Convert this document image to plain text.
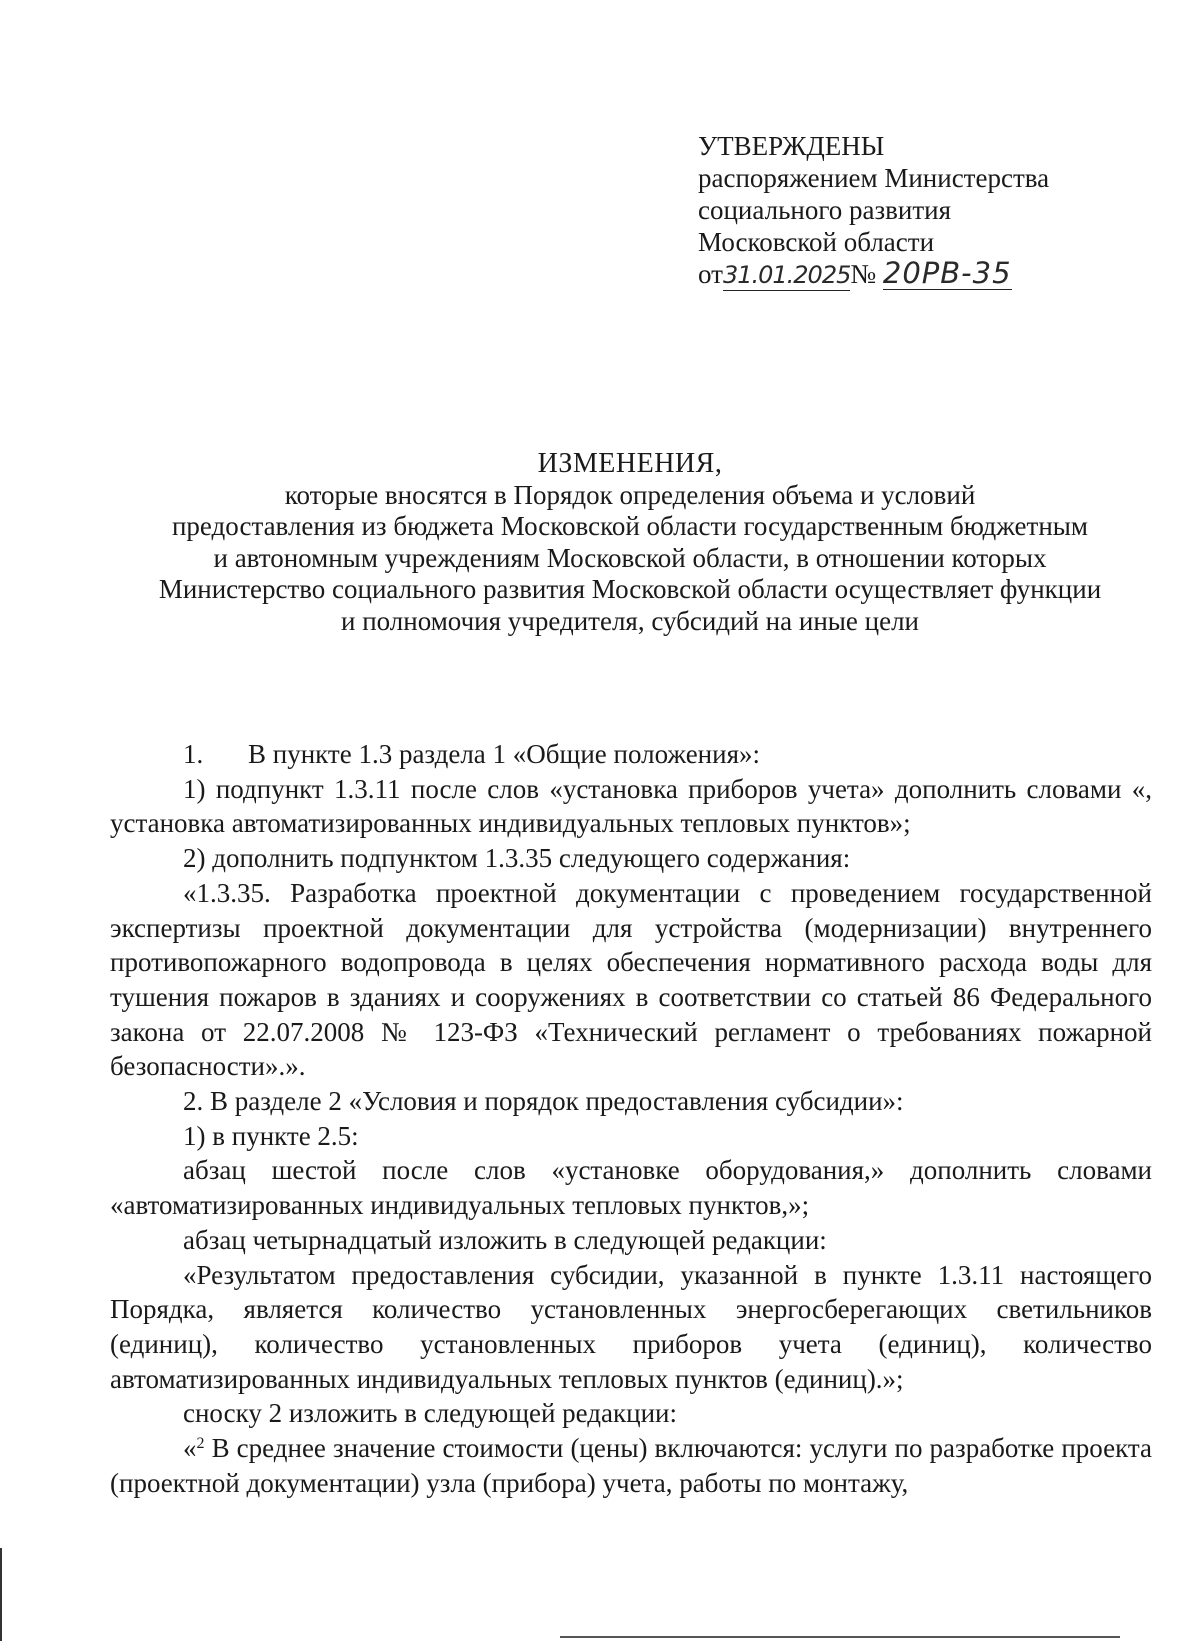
УТВЕРЖДЕНЫ
распоряжением Министерства
социального развития
Московской области
от31.01.2025№ 20РВ-35
ИЗМЕНЕНИЯ,
которые вносятся в Порядок определения объема и условий
предоставления из бюджета Московской области государственным бюджетным
и автономным учреждениям Московской области, в отношении которых
Министерство социального развития Московской области осуществляет функции
и полномочия учредителя, субсидий на иные цели

1. В пункте 1.3 раздела 1 «Общие положения»:

1) подпункт 1.3.11 после слов «установка приборов учета» дополнить словами «, установка автоматизированных индивидуальных тепловых пунктов»;

2) дополнить подпунктом 1.3.35 следующего содержания:

«1.3.35. Разработка проектной документации с проведением государственной экспертизы проектной документации для устройства (модернизации) внутреннего противопожарного водопровода в целях обеспечения нормативного расхода воды для тушения пожаров в зданиях и сооружениях в соответствии со статьей 86 Федерального закона от 22.07.2008 № 123-ФЗ «Технический регламент о требованиях пожарной безопасности».».

2. В разделе 2 «Условия и порядок предоставления субсидии»:

1) в пункте 2.5:

абзац шестой после слов «установке оборудования,» дополнить словами «автоматизированных индивидуальных тепловых пунктов,»;

абзац четырнадцатый изложить в следующей редакции:

«Результатом предоставления субсидии, указанной в пункте 1.3.11 настоящего Порядка, является количество установленных энергосберегающих светильников (единиц), количество установленных приборов учета (единиц), количество автоматизированных индивидуальных тепловых пунктов (единиц).»;

сноску 2 изложить в следующей редакции:

«$^2$ В среднее значение стоимости (цены) включаются: услуги по разработке проекта (проектной документации) узла (прибора) учета, работы по монтажу,
